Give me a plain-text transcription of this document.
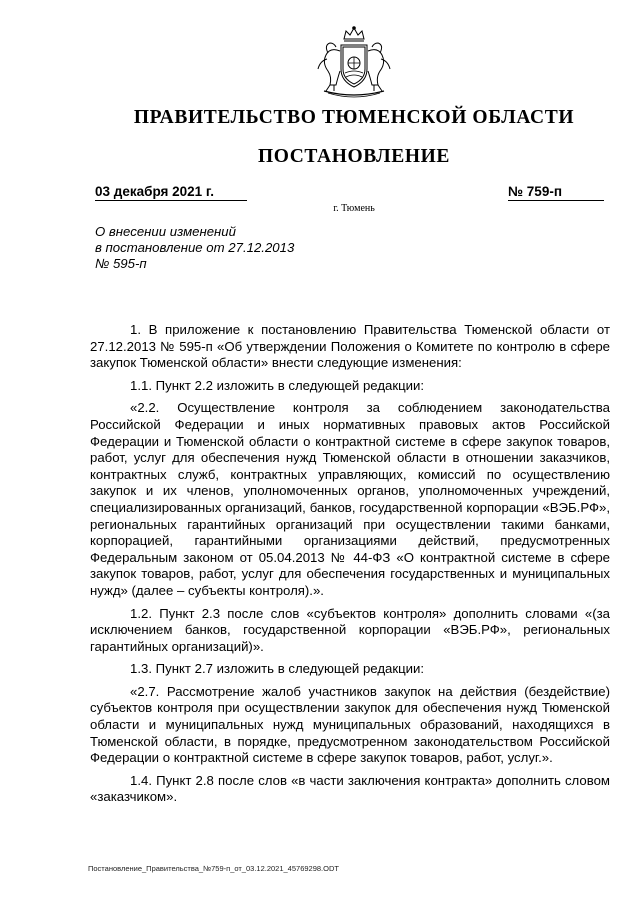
ПРАВИТЕЛЬСТВО ТЮМЕНСКОЙ ОБЛАСТИ
ПОСТАНОВЛЕНИЕ
03 декабря 2021 г.	№ 759-п
г. Тюмень
О внесении изменений
в постановление от 27.12.2013
№ 595-п

1. В приложение к постановлению Правительства Тюменской области от 27.12.2013 № 595-п «Об утверждении Положения о Комитете по контролю в сфере закупок Тюменской области» внести следующие изменения:

1.1. Пункт 2.2 изложить в следующей редакции:

«2.2. Осуществление контроля за соблюдением законодательства Российской Федерации и иных нормативных правовых актов Российской Федерации и Тюменской области о контрактной системе в сфере закупок товаров, работ, услуг для обеспечения нужд Тюменской области в отношении заказчиков, контрактных служб, контрактных управляющих, комиссий по осуществлению закупок и их членов, уполномоченных органов, уполномоченных учреждений, специализированных организаций, банков, государственной корпорации «ВЭБ.РФ», региональных гарантийных организаций при осуществлении такими банками, корпорацией, гарантийными организациями действий, предусмотренных Федеральным законом от 05.04.2013 № 44-ФЗ «О контрактной системе в сфере закупок товаров, работ, услуг для обеспечения государственных и муниципальных нужд» (далее – субъекты контроля).».

1.2. Пункт 2.3 после слов «субъектов контроля» дополнить словами «(за исключением банков, государственной корпорации «ВЭБ.РФ», региональных гарантийных организаций)».

1.3. Пункт 2.7 изложить в следующей редакции:

«2.7. Рассмотрение жалоб участников закупок на действия (бездействие) субъектов контроля при осуществлении закупок для обеспечения нужд Тюменской области и муниципальных нужд муниципальных образований, находящихся в Тюменской области, в порядке, предусмотренном законодательством Российской Федерации о контрактной системе в сфере закупок товаров, работ, услуг.».

1.4. Пункт 2.8 после слов «в части заключения контракта» дополнить словом «заказчиком».

Постановление_Правительства_№759-п_от_03.12.2021_45769298.ODT
